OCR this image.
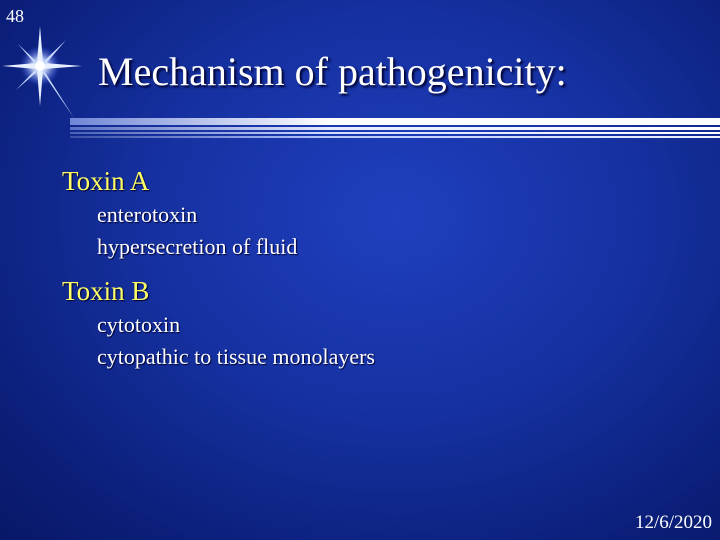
48
Mechanism of pathogenicity:
Toxin A
enterotoxin
hypersecretion of fluid
Toxin B
cytotoxin
cytopathic to tissue monolayers
12/6/2020
